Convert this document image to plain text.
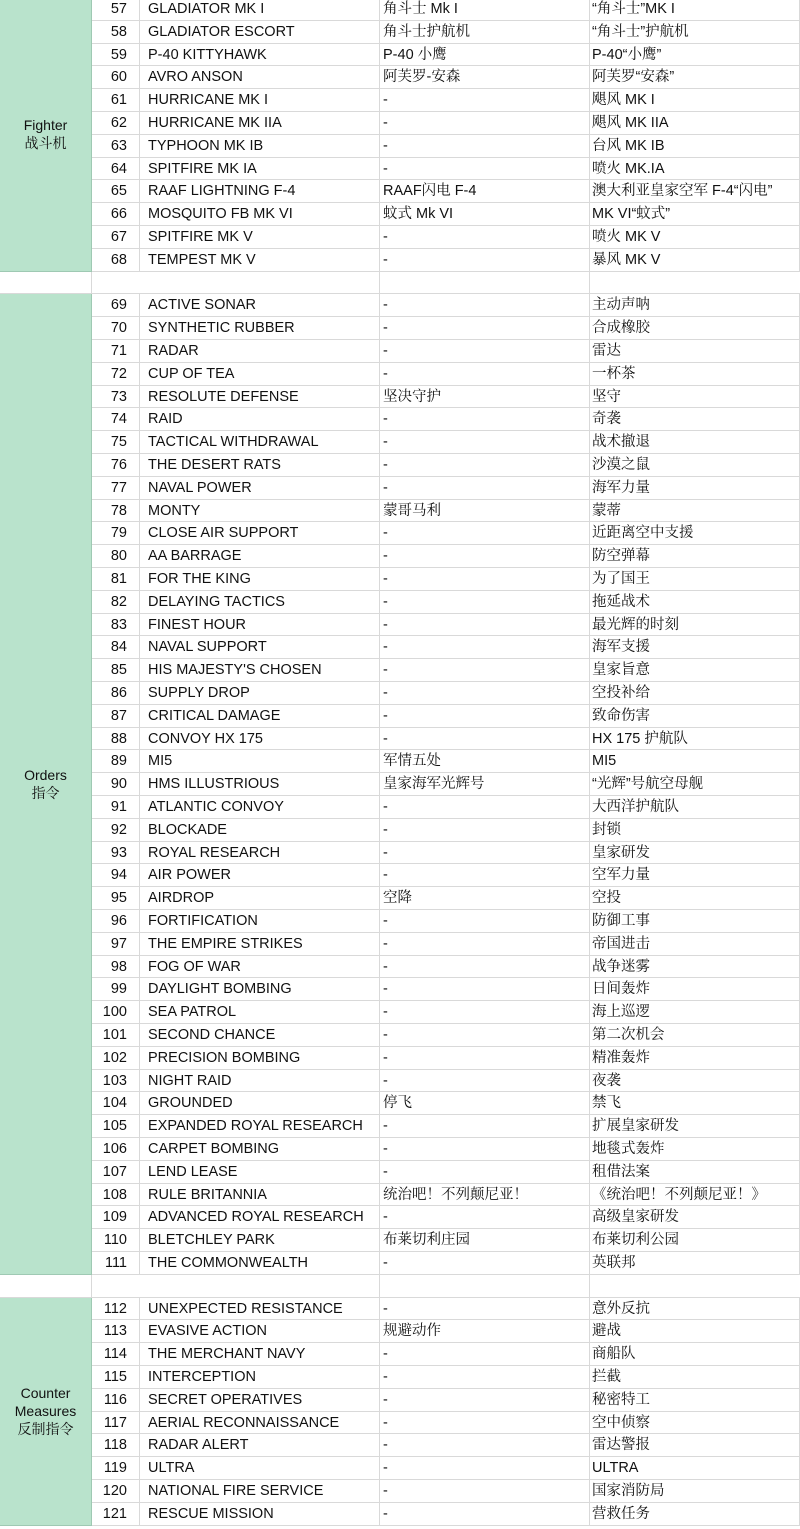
57	GLADIATOR MK I	角斗士 Mk I	“角斗士”MK I
58	GLADIATOR ESCORT	角斗士护航机	“角斗士”护航机
59	P-40 KITTYHAWK	P-40 小鹰	P-40“小鹰”
60	AVRO ANSON	阿芙罗-安森	阿芙罗“安森”
61	HURRICANE MK I	-	飓风 MK I
62	HURRICANE MK IIA	-	飓风 MK IIA
63	TYPHOON MK IB	-	台风 MK IB
64	SPITFIRE MK IA	-	喷火 MK.IA
65	RAAF LIGHTNING F-4	RAAF闪电 F-4	澳大利亚皇家空军 F-4“闪电”
66	MOSQUITO FB MK VI	蚊式 Mk VI	MK VI“蚊式”
67	SPITFIRE MK V	-	喷火 MK V
68	TEMPEST MK V	-	暴风 MK V
Fighter
战斗机
69	ACTIVE SONAR	-	主动声呐
70	SYNTHETIC RUBBER	-	合成橡胶
71	RADAR	-	雷达
72	CUP OF TEA	-	一杯茶
73	RESOLUTE DEFENSE	坚决守护	坚守
74	RAID	-	奇袭
75	TACTICAL WITHDRAWAL	-	战术撤退
76	THE DESERT RATS	-	沙漠之鼠
77	NAVAL POWER	-	海军力量
78	MONTY	蒙哥马利	蒙蒂
79	CLOSE AIR SUPPORT	-	近距离空中支援
80	AA BARRAGE	-	防空弹幕
81	FOR THE KING	-	为了国王
82	DELAYING TACTICS	-	拖延战术
83	FINEST HOUR	-	最光辉的时刻
84	NAVAL SUPPORT	-	海军支援
85	HIS MAJESTY'S CHOSEN	-	皇家旨意
86	SUPPLY DROP	-	空投补给
87	CRITICAL DAMAGE	-	致命伤害
88	CONVOY HX 175	-	HX 175 护航队
89	MI5	军情五处	MI5
90	HMS ILLUSTRIOUS	皇家海军光辉号	“光辉”号航空母舰
91	ATLANTIC CONVOY	-	大西洋护航队
92	BLOCKADE	-	封锁
93	ROYAL RESEARCH	-	皇家研发
94	AIR POWER	-	空军力量
95	AIRDROP	空降	空投
96	FORTIFICATION	-	防御工事
97	THE EMPIRE STRIKES	-	帝国进击
98	FOG OF WAR	-	战争迷雾
99	DAYLIGHT BOMBING	-	日间轰炸
100	SEA PATROL	-	海上巡逻
101	SECOND CHANCE	-	第二次机会
102	PRECISION BOMBING	-	精准轰炸
103	NIGHT RAID	-	夜袭
104	GROUNDED	停飞	禁飞
105	EXPANDED ROYAL RESEARCH	-	扩展皇家研发
106	CARPET BOMBING	-	地毯式轰炸
107	LEND LEASE	-	租借法案
108	RULE BRITANNIA	统治吧！不列颠尼亚！	《统治吧！不列颠尼亚！》
109	ADVANCED ROYAL RESEARCH	-	高级皇家研发
110	BLETCHLEY PARK	布莱切利庄园	布莱切利公园
111	THE COMMONWEALTH	-	英联邦
Orders
指令
112	UNEXPECTED RESISTANCE	-	意外反抗
113	EVASIVE ACTION	规避动作	避战
114	THE MERCHANT NAVY	-	商船队
115	INTERCEPTION	-	拦截
116	SECRET OPERATIVES	-	秘密特工
117	AERIAL RECONNAISSANCE	-	空中侦察
118	RADAR ALERT	-	雷达警报
119	ULTRA	-	ULTRA
120	NATIONAL FIRE SERVICE	-	国家消防局
121	RESCUE MISSION	-	营救任务
Counter
Measures
反制指令
